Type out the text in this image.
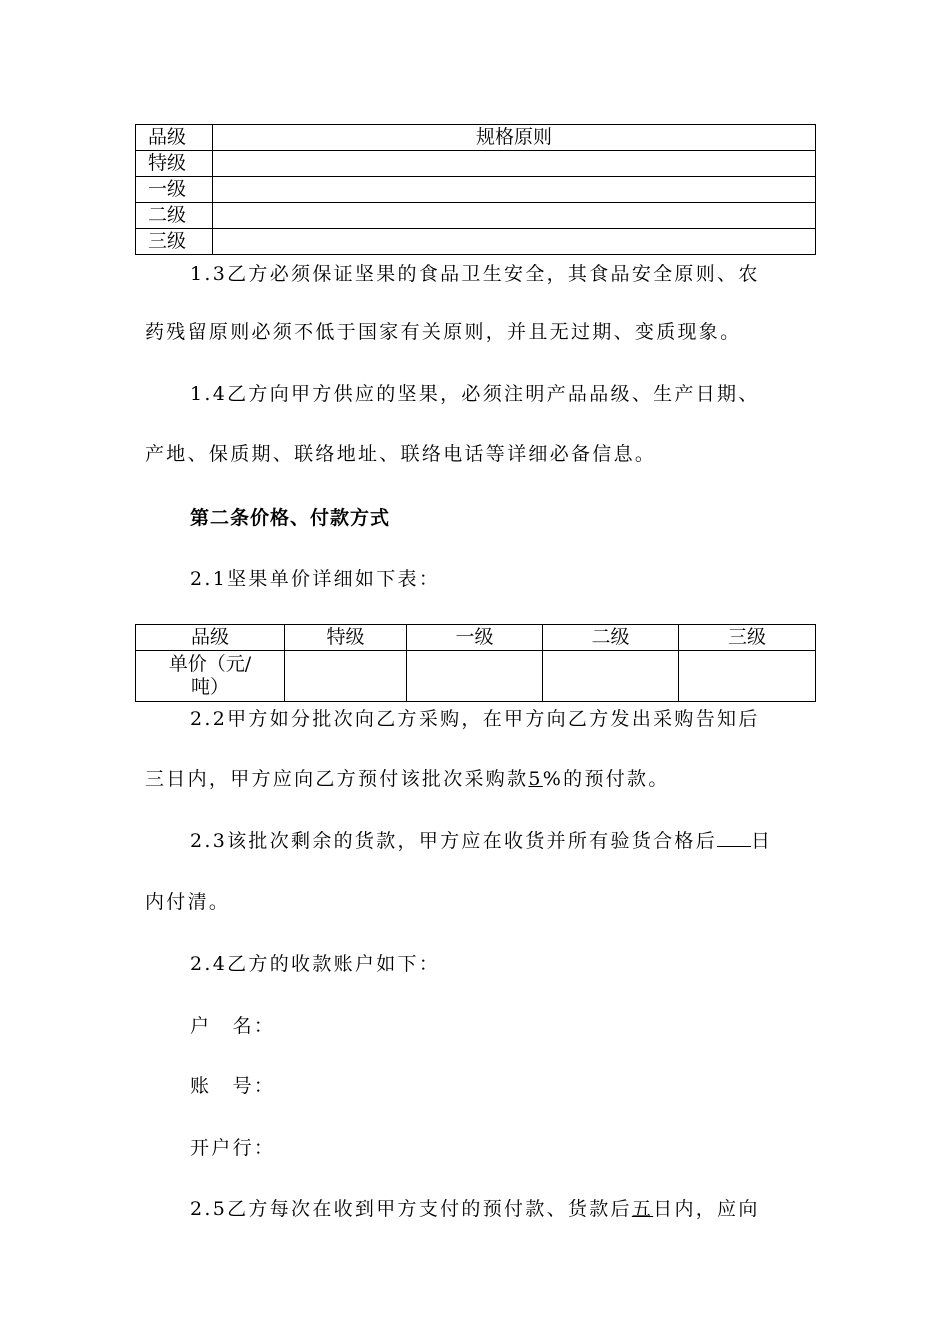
品级	规格原则
特级	
一级	
二级	
三级	

1.3乙方必须保证坚果的食品卫生安全，其食品安全原则、农

药残留原则必须不低于国家有关原则，并且无过期、变质现象。

1.4乙方向甲方供应的坚果，必须注明产品品级、生产日期、

产地、保质期、联络地址、联络电话等详细必备信息。

第二条价格、付款方式

2.1坚果单价详细如下表：

品级	特级	一级	二级	三级
单价（元/吨）				

2.2甲方如分批次向乙方采购，在甲方向乙方发出采购告知后

三日内，甲方应向乙方预付该批次采购款5%的预付款。

2.3该批次剩余的货款，甲方应在收货并所有验货合格后 日

内付清。

2.4乙方的收款账户如下：

户　名：

账　号：

开户行：

2.5乙方每次在收到甲方支付的预付款、货款后五日内，应向
